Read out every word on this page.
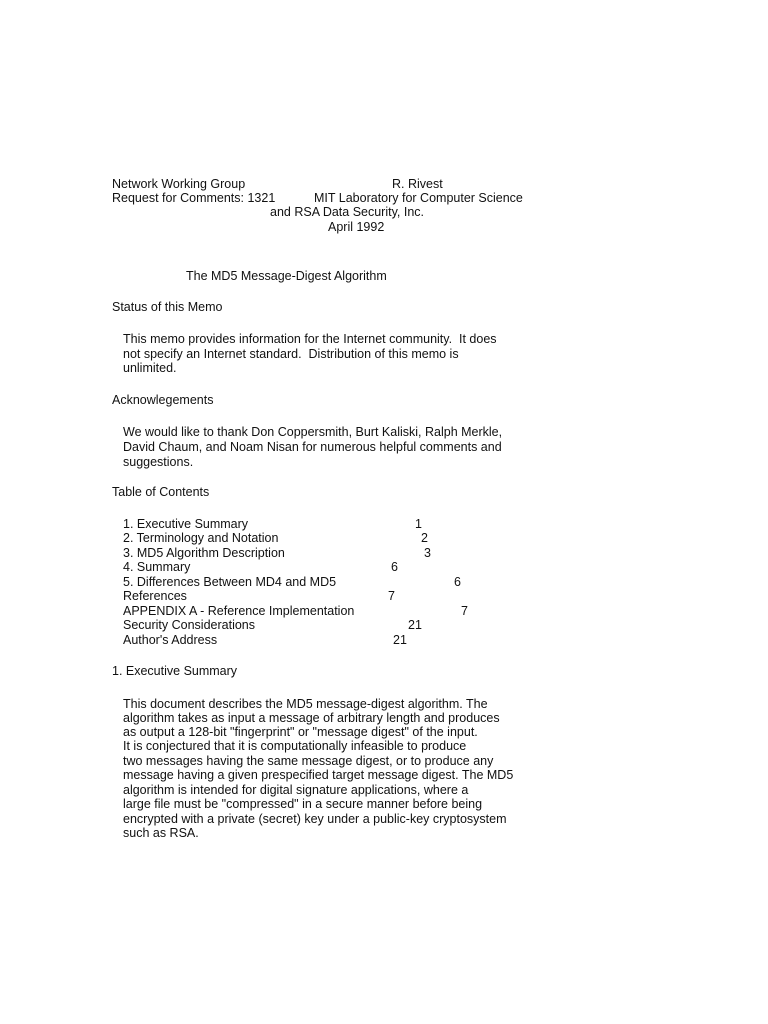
Network Working Group	R. Rivest
Request for Comments: 1321	MIT Laboratory for Computer Science
and RSA Data Security, Inc.
April 1992
The MD5 Message-Digest Algorithm
Status of this Memo
This memo provides information for the Internet community.  It does
not specify an Internet standard.  Distribution of this memo is
unlimited.
Acknowlegements
We would like to thank Don Coppersmith, Burt Kaliski, Ralph Merkle,
David Chaum, and Noam Nisan for numerous helpful comments and
suggestions.
Table of Contents
1. Executive Summary	1
2. Terminology and Notation	2
3. MD5 Algorithm Description	3
4. Summary	6
5. Differences Between MD4 and MD5	6
References	7
APPENDIX A - Reference Implementation	7
Security Considerations	21
Author's Address	21
1. Executive Summary
This document describes the MD5 message-digest algorithm. The
algorithm takes as input a message of arbitrary length and produces
as output a 128-bit "fingerprint" or "message digest" of the input.
It is conjectured that it is computationally infeasible to produce
two messages having the same message digest, or to produce any
message having a given prespecified target message digest. The MD5
algorithm is intended for digital signature applications, where a
large file must be "compressed" in a secure manner before being
encrypted with a private (secret) key under a public-key cryptosystem
such as RSA.
